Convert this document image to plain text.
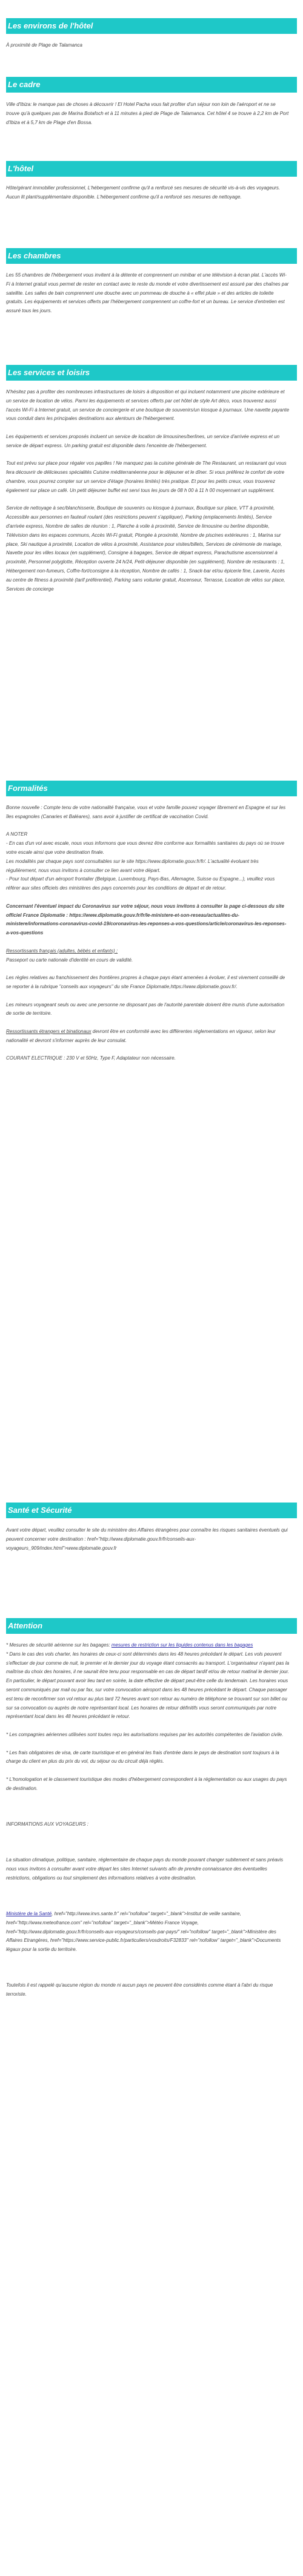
Les environs de l'hôtel

À proximité de Plage de Talamanca

Le cadre

Ville d'Ibiza: le manque pas de choses à découvrir ! El Hotel Pacha vous fait profiter d'un séjour non loin de l'aéroport et ne se trouve qu'à quelques pas de Marina Botafoch et à 11 minutes à pied de Plage de Talamanca. Cet hôtel 4 se trouve à 2,2 km de Port d'Ibiza et à 5,7 km de Plage d'en Bossa.

L'hôtel

Hôte/gérant immobilier professionnel, L'hébergement confirme qu'il a renforcé ses mesures de sécurité vis-à-vis des voyageurs. Aucun lit plant/supplémentaire disponible. L'hébergement confirme qu'il a renforcé ses mesures de nettoyage.

Les chambres

Les 55 chambres de l'hébergement vous invitent à la détente et comprennent un minibar et une télévision à écran plat. L'accès Wi-Fi à Internet gratuit vous permet de rester en contact avec le reste du monde et votre divertissement est assuré par des chaînes par satellite. Les salles de bain comprennent une douche avec un pommeau de douche à « effet pluie » et des articles de toilette gratuits. Les équipements et services offerts par l'hébergement comprennent un coffre-fort et un bureau. Le service d'entretien est assuré tous les jours.

Les services et loisirs

N'hésitez pas à profiter des nombreuses infrastructures de loisirs à disposition et qui incluent notamment une piscine extérieure et un service de location de vélos. Parmi les équipements et services offerts par cet hôtel de style Art déco, vous trouverez aussi l'accès Wi-Fi à Internet gratuit, un service de conciergerie et une boutique de souvenirs/un kiosque à journaux. Une navette payante vous conduit dans les principales destinations aux alentours de l'hébergement.

Les équipements et services proposés incluent un service de location de limousines/berlines, un service d'arrivée express et un service de départ express. Un parking gratuit est disponible dans l'enceinte de l'hébergement.

Tout est prévu sur place pour régaler vos papilles ! Ne manquez pas la cuisine générale de The Restaurant, un restaurant qui vous fera découvrir de délicieuses spécialités Cuisine méditerranéenne pour le déjeuner et le dîner. Si vous préférez le confort de votre chambre, vous pourrez compter sur un service d'étage (horaires limités) très pratique. Et pour les petits creux, vous trouverez également sur place un café. Un petit déjeuner buffet est servi tous les jours de 08 h 00 à 11 h 00 moyennant un supplément.

Service de nettoyage à sec/blanchisserie, Boutique de souvenirs ou kiosque à journaux, Boutique sur place, VTT à proximité, Accessible aux personnes en fauteuil roulant (des restrictions peuvent s'appliquer), Parking (emplacements limités), Service d'arrivée express, Nombre de salles de réunion : 1, Planche à voile à proximité, Service de limousine ou berline disponible, Télévision dans les espaces communs, Accès Wi-Fi gratuit, Plongée à proximité, Nombre de piscines extérieures : 1, Marina sur place, Ski nautique à proximité, Location de vélos à proximité, Assistance pour visites/billets, Services de cérémonie de mariage, Navette pour les villes locaux (en supplément), Consigne à bagages, Service de départ express, Parachutisme ascensionnel à proximité, Personnel polyglotte, Réception ouverte 24 h/24, Petit-déjeuner disponible (en supplément), Nombre de restaurants : 1, Hébergement non-fumeurs, Coffre-fort/consigne à la réception, Nombre de cafés : 1, Snack-bar et/ou épicerie fine, Laverie, Accès au centre de fitness à proximité (tarif préférentiel), Parking sans voiturier gratuit, Ascenseur, Terrasse, Location de vélos sur place, Services de concierge

Formalités

Bonne nouvelle : Compte tenu de votre nationalité française, vous et votre famille pouvez voyager librement en Espagne et sur les îles espagnoles (Canaries et Baléares), sans avoir à justifier de certificat de vaccination Covid.

A NOTER

- En cas d'un vol avec escale, nous vous informons que vous devrez être conforme aux formalités sanitaires du pays où se trouve votre escale ainsi que votre destination finale.

Les modalités par chaque pays sont consultables sur le site https://www.diplomatie.gouv.fr/fr/. L'actualité évoluant très régulièrement, nous vous invitons à consulter ce lien avant votre départ.

- Pour tout départ d'un aéroport frontalier (Belgique, Luxembourg, Pays-Bas, Allemagne, Suisse ou Espagne...), veuillez vous référer aux sites officiels des ministères des pays concernés pour les conditions de départ et de retour.

Concernant l'éventuel impact du Coronavirus sur votre séjour, nous vous invitons à consulter la page ci-dessous du site officiel France Diplomatie : https://www.diplomatie.gouv.fr/fr/le-ministere-et-son-reseau/actualites-du-ministere/informations-coronavirus-covid-19/coronavirus-les-reponses-a-vos-questions/article/coronavirus-les-reponses-a-vos-questions

Ressortissants français (adultes, bébés et enfants) :

Passeport ou carte nationale d'identité en cours de validité.

Les règles relatives au franchissement des frontières propres à chaque pays étant amenées à évoluer, il est vivement conseillé de se reporter à la rubrique "conseils aux voyageurs" du site France Diplomatie,https://www.diplomatie.gouv.fr/.

Les mineurs voyageant seuls ou avec une personne ne disposant pas de l'autorité parentale doivent être munis d'une autorisation de sortie de territoire.

Ressortissants étrangers et binationaux devront être en conformité avec les différentes réglementations en vigueur, selon leur nationalité et devront s'informer auprès de leur consulat.

COURANT ELECTRIQUE : 230 V et 50Hz, Type F, Adaptateur non nécessaire.

Santé et Sécurité

Avant votre départ, veuillez consulter le site du ministère des Affaires étrangères pour connaître les risques sanitaires éventuels qui peuvent concerner votre destination : href="http://www.diplomatie.gouv.fr/fr/conseils-aux-voyageurs_909/index.html">www.diplomatie.gouv.fr

Attention

* Mesures de sécurité aérienne sur les bagages: mesures de restriction sur les liquides contenus dans les bagages

* Dans le cas des vols charter, les horaires de ceux-ci sont déterminés dans les 48 heures précédant le départ. Les vols peuvent s'effectuer de jour comme de nuit, le premier et le dernier jour du voyage étant consacrés au transport. L'organisateur n'ayant pas la maîtrise du choix des horaires, il ne saurait être tenu pour responsable en cas de départ tardif et/ou de retour matinal le dernier jour. En particulier, le départ pouvant avoir lieu tard en soirée, la date effective de départ peut-être celle du lendemain. Les horaires vous seront communiqués par mail ou par fax, sur votre convocation aéroport dans les 48 heures précédant le départ. Chaque passager est tenu de reconfirmer son vol retour au plus tard 72 heures avant son retour au numéro de téléphone se trouvant sur son billet ou sur sa convocation ou auprès de notre représentant local. Les horaires de retour définitifs vous seront communiqués par notre représentant local dans les 48 heures précédant le retour.

* Les compagnies aériennes utilisées sont toutes reçu les autorisations requises par les autorités compétentes de l'aviation civile.

* Les frais obligatoires de visa, de carte touristique et en général les frais d'entrée dans le pays de destination sont toujours à la charge du client en plus du prix du vol, du séjour ou du circuit déjà réglés.

* L'homologation et le classement touristique des modes d'hébergement correspondent à la réglementation ou aux usages du pays de destination.

INFORMATIONS AUX VOYAGEURS :

La situation climatique, politique, sanitaire, réglementaire de chaque pays du monde pouvant changer subitement et sans préavis nous vous invitons à consulter avant votre départ les sites Internet suivants afin de prendre connaissance des éventuelles restrictions, obligations ou tout simplement des informations relatives à votre destination.

Ministère de la Santé, href="http://www.invs.sante.fr" rel="nofollow" target="_blank">Institut de veille sanitaire, href="http://www.meteofrance.com" rel="nofollow" target="_blank">Météo France Voyage, href="http://www.diplomatie.gouv.fr/fr/conseils-aux-voyageurs/conseils-par-pays/" rel="nofollow" target="_blank">Ministère des Affaires Etrangères, href="https://www.service-public.fr/particuliers/vosdroits/F32833" rel="nofollow" target="_blank">Documents légaux pour la sortie du territoire.

Toutefois il est rappelé qu'aucune région du monde ni aucun pays ne peuvent être considérés comme étant à l'abri du risque terroriste.
